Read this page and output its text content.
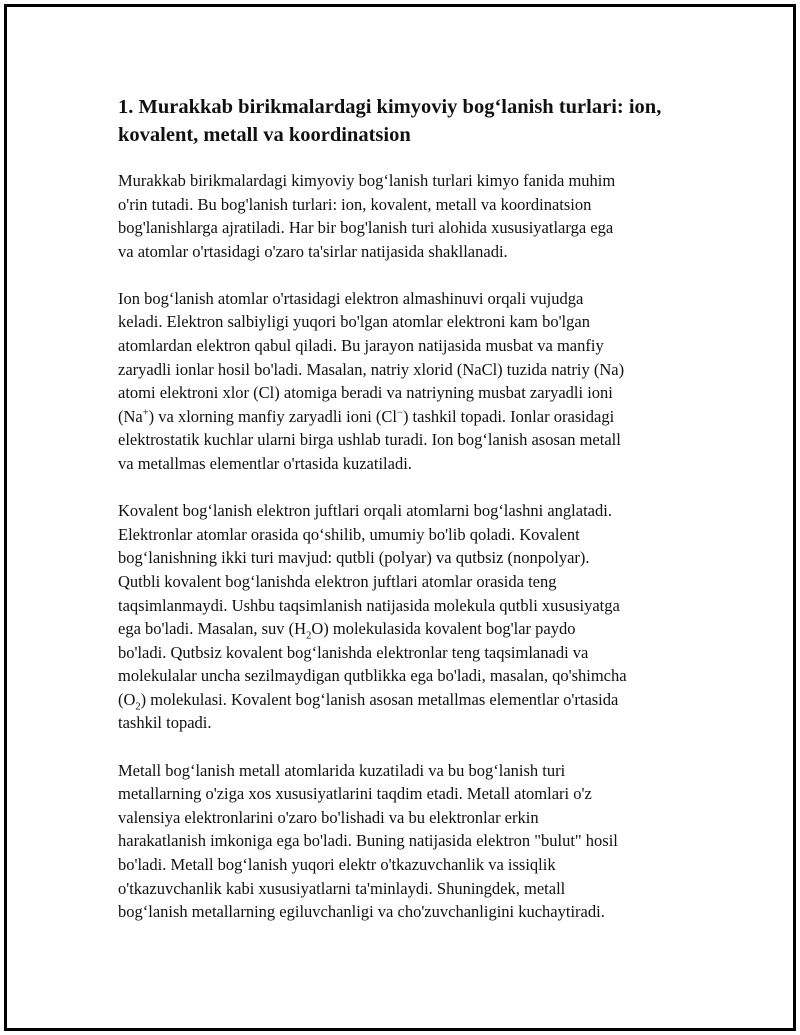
1. Murakkab birikmalardagi kimyoviy bog‘lanish turlari: ion,
kovalent, metall va koordinatsion
Murakkab birikmalardagi kimyoviy bog‘lanish turlari kimyo fanida muhim
o'rin tutadi. Bu bog'lanish turlari: ion, kovalent, metall va koordinatsion
bog'lanishlarga ajratiladi. Har bir bog'lanish turi alohida xususiyatlarga ega
va atomlar o'rtasidagi o'zaro ta'sirlar natijasida shakllanadi.
Ion bog‘lanish atomlar o'rtasidagi elektron almashinuvi orqali vujudga
keladi. Elektron salbiyligi yuqori bo'lgan atomlar elektroni kam bo'lgan
atomlardan elektron qabul qiladi. Bu jarayon natijasida musbat va manfiy
zaryadli ionlar hosil bo'ladi. Masalan, natriy xlorid (NaCl) tuzida natriy (Na)
atomi elektroni xlor (Cl) atomiga beradi va natriyning musbat zaryadli ioni
(Na+) va xlorning manfiy zaryadli ioni (Cl−) tashkil topadi. Ionlar orasidagi
elektrostatik kuchlar ularni birga ushlab turadi. Ion bog‘lanish asosan metall
va metallmas elementlar o'rtasida kuzatiladi.
Kovalent bog‘lanish elektron juftlari orqali atomlarni bog‘lashni anglatadi.
Elektronlar atomlar orasida qo‘shilib, umumiy bo'lib qoladi. Kovalent
bog‘lanishning ikki turi mavjud: qutbli (polyar) va qutbsiz (nonpolyar).
Qutbli kovalent bog‘lanishda elektron juftlari atomlar orasida teng
taqsimlanmaydi. Ushbu taqsimlanish natijasida molekula qutbli xususiyatga
ega bo'ladi. Masalan, suv $(H_2O)$ molekulasida kovalent bog'lar paydo
bo'ladi. Qutbsiz kovalent bog‘lanishda elektronlar teng taqsimlanadi va
molekulalar uncha sezilmaydigan qutblikka ega bo'ladi, masalan, qo'shimcha
$(O_2)$ molekulasi. Kovalent bog‘lanish asosan metallmas elementlar o'rtasida
tashkil topadi.
Metall bog‘lanish metall atomlarida kuzatiladi va bu bog‘lanish turi
metallarning o'ziga xos xususiyatlarini taqdim etadi. Metall atomlari o'z
valensiya elektronlarini o'zaro bo'lishadi va bu elektronlar erkin
harakatlanish imkoniga ega bo'ladi. Buning natijasida elektron "bulut" hosil
bo'ladi. Metall bog‘lanish yuqori elektr o'tkazuvchanlik va issiqlik
o'tkazuvchanlik kabi xususiyatlarni ta'minlaydi. Shuningdek, metall
bog‘lanish metallarning egiluvchanligi va cho'zuvchanligini kuchaytiradi.
